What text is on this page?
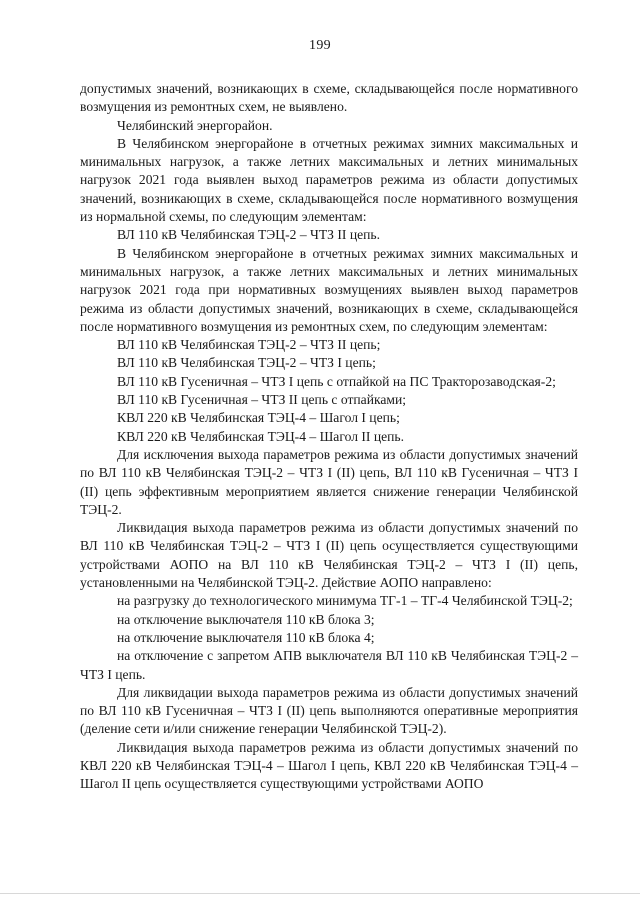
199

допустимых значений, возникающих в схеме, складывающейся после нормативного возмущения из ремонтных схем, не выявлено.

Челябинский энергорайон.

В Челябинском энергорайоне в отчетных режимах зимних максимальных и минимальных нагрузок, а также летних максимальных и летних минимальных нагрузок 2021 года выявлен выход параметров режима из области допустимых значений, возникающих в схеме, складывающейся после нормативного возмущения из нормальной схемы, по следующим элементам:

ВЛ 110 кВ Челябинская ТЭЦ-2 – ЧТЗ II цепь.

В Челябинском энергорайоне в отчетных режимах зимних максимальных и минимальных нагрузок, а также летних максимальных и летних минимальных нагрузок 2021 года при нормативных возмущениях выявлен выход параметров режима из области допустимых значений, возникающих в схеме, складывающейся после нормативного возмущения из ремонтных схем, по следующим элементам:

ВЛ 110 кВ Челябинская ТЭЦ-2 – ЧТЗ II цепь;

ВЛ 110 кВ Челябинская ТЭЦ-2 – ЧТЗ I цепь;

ВЛ 110 кВ Гусеничная – ЧТЗ I цепь с отпайкой на ПС Тракторозаводская-2;

ВЛ 110 кВ Гусеничная – ЧТЗ II цепь с отпайками;

КВЛ 220 кВ Челябинская ТЭЦ-4 – Шагол I цепь;

КВЛ 220 кВ Челябинская ТЭЦ-4 – Шагол II цепь.

Для исключения выхода параметров режима из области допустимых значений по ВЛ 110 кВ Челябинская ТЭЦ-2 – ЧТЗ I (II) цепь, ВЛ 110 кВ Гусеничная – ЧТЗ I (II) цепь эффективным мероприятием является снижение генерации Челябинской ТЭЦ-2.

Ликвидация выхода параметров режима из области допустимых значений по ВЛ 110 кВ Челябинская ТЭЦ-2 – ЧТЗ I (II) цепь осуществляется существующими устройствами АОПО на ВЛ 110 кВ Челябинская ТЭЦ-2 – ЧТЗ I (II) цепь, установленными на Челябинской ТЭЦ-2. Действие АОПО направлено:

на разгрузку до технологического минимума ТГ-1 – ТГ-4 Челябинской ТЭЦ-2;

на отключение выключателя 110 кВ блока 3;

на отключение выключателя 110 кВ блока 4;

на отключение с запретом АПВ выключателя ВЛ 110 кВ Челябинская ТЭЦ-2 – ЧТЗ I цепь.

Для ликвидации выхода параметров режима из области допустимых значений по ВЛ 110 кВ Гусеничная – ЧТЗ I (II) цепь выполняются оперативные мероприятия (деление сети и/или снижение генерации Челябинской ТЭЦ-2).

Ликвидация выхода параметров режима из области допустимых значений по КВЛ 220 кВ Челябинская ТЭЦ-4 – Шагол I цепь, КВЛ 220 кВ Челябинская ТЭЦ-4 – Шагол II цепь осуществляется существующими устройствами АОПО
